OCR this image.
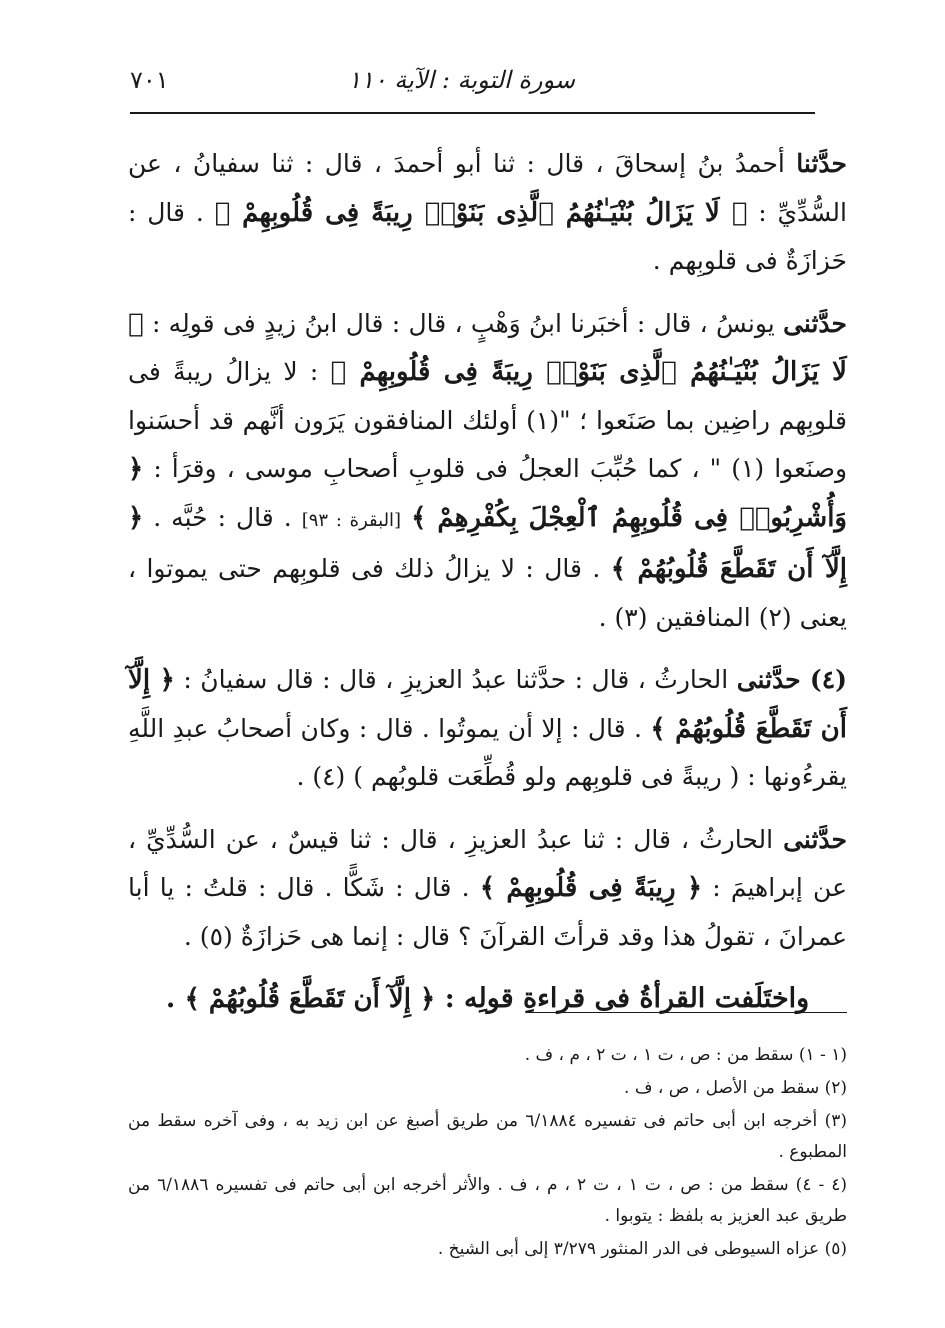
سورة التوبة : الآية ١١٠
٧٠١

حدَّثنا أحمدُ بنُ إسحاقَ ، قال : ثنا أبو أحمدَ ، قال : ثنا سفيانُ ، عن السُّدِّيِّ : ﴿ لَا يَزَالُ بُنْيَـٰنُهُمُ ٱلَّذِى بَنَوْا۟ رِيبَةً فِى قُلُوبِهِمْ ﴾ . قال : حَزازَةٌ فى قلوبِهم .

حدَّثنى يونسُ ، قال : أخبَرنا ابنُ وَهْبٍ ، قال : قال ابنُ زيدٍ فى قولِه : ﴿ لَا يَزَالُ بُنْيَـٰنُهُمُ ٱلَّذِى بَنَوْا۟ رِيبَةً فِى قُلُوبِهِمْ ﴾ : لا يزالُ ريبةً فى قلوبِهم راضِين بما صَنَعوا ؛ "(١) أولئك المنافقون يَرَون أنَّهم قد أحسَنوا وصنَعوا (١) " ، كما حُبِّبَ العجلُ فى قلوبِ أصحابِ موسى ، وقرَأ : ﴿ وَأُشْرِبُوا۟ فِى قُلُوبِهِمُ ٱلْعِجْلَ بِكُفْرِهِمْ ﴾ [البقرة : ٩٣] . قال : حُبَّه . ﴿ إِلَّآ أَن تَقَطَّعَ قُلُوبُهُمْ ﴾ . قال : لا يزالُ ذلك فى قلوبِهم حتى يموتوا ، يعنى (٢) المنافقين (٣) .

(٤) حدَّثنى الحارثُ ، قال : حدَّثنا عبدُ العزيزِ ، قال : قال سفيانُ : ﴿ إِلَّآ أَن تَقَطَّعَ قُلُوبُهُمْ ﴾ . قال : إلا أن يموتُوا . قال : وكان أصحابُ عبدِ اللَّهِ يقرءُونها : ( ريبةً فى قلوبِهم ولو قُطِّعَت قلوبُهم ) (٤) .

حدَّثنى الحارثُ ، قال : ثنا عبدُ العزيزِ ، قال : ثنا قيسٌ ، عن السُّدِّيِّ ، عن إبراهيمَ : ﴿ رِيبَةً فِى قُلُوبِهِمْ ﴾ . قال : شَكًّا . قال : قلتُ : يا أبا عمرانَ ، تقولُ هذا وقد قرأتَ القرآنَ ؟ قال : إنما هى حَزازَةٌ (٥) .

واختَلَفت القرأةُ فى قراءةِ قولِه : ﴿ إِلَّآ أَن تَقَطَّعَ قُلُوبُهُمْ ﴾ .

(١ - ١) سقط من : ص ، ت ١ ، ت ٢ ، م ، ف .

(٢) سقط من الأصل ، ص ، ف .

(٣) أخرجه ابن أبى حاتم فى تفسيره ٦/١٨٨٤ من طريق أصبغ عن ابن زيد به ، وفى آخره سقط من المطبوع .

(٤ - ٤) سقط من : ص ، ت ١ ، ت ٢ ، م ، ف . والأثر أخرجه ابن أبى حاتم فى تفسيره ٦/١٨٨٦ من طريق عبد العزيز به بلفظ : يتوبوا .

(٥) عزاه السيوطى فى الدر المنثور ٣/٢٧٩ إلى أبى الشيخ .
